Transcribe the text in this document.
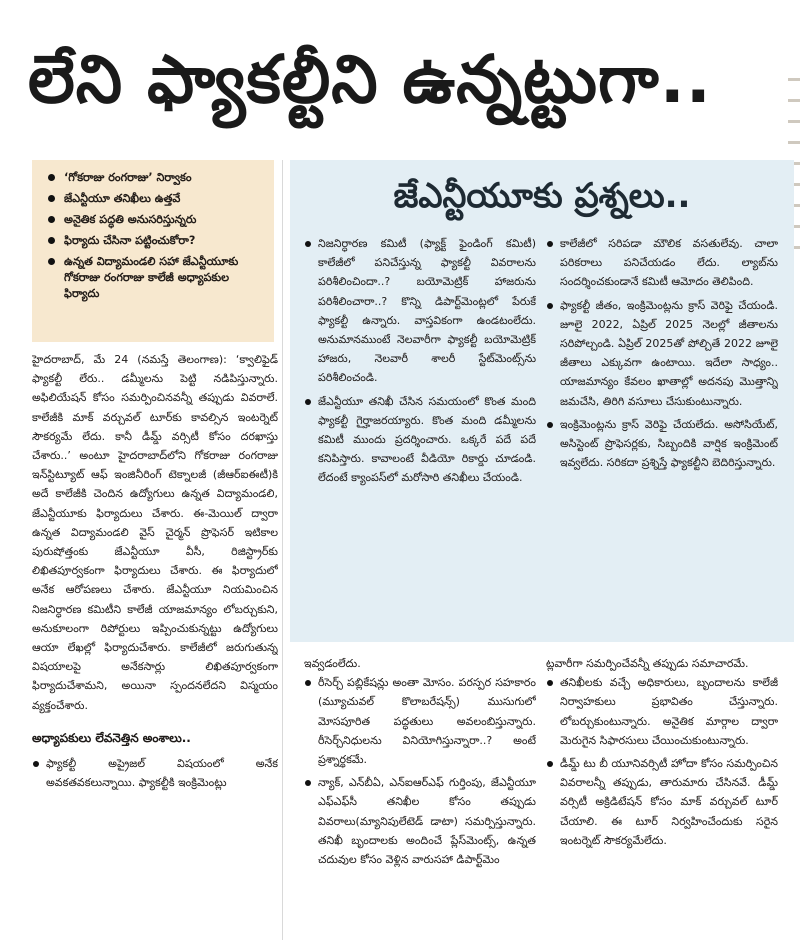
లేని ఫ్యాకల్టీని ఉన్నట్టుగా..
‘గోకరాజు రంగరాజు’ నిర్వాకం
జేఎన్టీయూ తనిఖీలు ఉత్తవే
అనైతిక పద్ధతి అనుసరిస్తున్నరు
ఫిర్యాదు చేసినా పట్టించుకోరా?
ఉన్నత విద్యామండలి సహా జేఎన్టీయూకు గోకరాజు రంగరాజు కాలేజీ అధ్యాపకుల ఫిర్యాదు

హైదరాబాద్, మే 24 (నమస్తే తెలంగాణ): ‘క్వాలిఫైడ్ ఫ్యాకల్టీ లేరు.. డమ్మీలను పెట్టి నడిపిస్తున్నారు. అఫిలియేషన్ కోసం సమర్పించినవన్నీ తప్పుడు వివరాలే. కాలేజీకి మాక్ వర్చువల్ టూర్‌కు కావల్సిన ఇంటర్నెట్ సౌకర్యమే లేదు. కానీ డీమ్డ్ వర్సిటీ కోసం దరఖాస్తు చేశారు..’ అంటూ హైదరాబాద్‌లోని గోకరాజు రంగరాజు ఇన్‌స్టిట్యూట్ ఆఫ్ ఇంజినీరింగ్ టెక్నాలజీ (జీఆర్ఐఈటీ)కి అదే కాలేజీకి చెందిన ఉద్యోగులు ఉన్నత విద్యామండలి, జేఎన్టీయూకు ఫిర్యాదులు చేశారు. ఈ-మెయిల్ ద్వారా ఉన్నత విద్యామండలి వైస్ చైర్మన్ ప్రొఫెసర్ ఇటికాల పురుషోత్తంకు జేఎన్టీయూ వీసీ, రిజిస్ట్రార్‌కు లిఖితపూర్వకంగా ఫిర్యాదులు చేశారు. ఈ ఫిర్యాదులో అనేక ఆరోపణలు చేశారు. జేఎన్టీయూ నియమించిన నిజనిర్ధారణ కమిటీని కాలేజీ యాజమాన్యం లోబర్చుకుని, అనుకూలంగా రిపోర్టులు ఇప్పించుకున్నట్టు ఉద్యోగులు ఆయా లేఖల్లో ఫిర్యాదుచేశారు. కాలేజీలో జరుగుతున్న విషయాలపై అనేకసార్లు లిఖితపూర్వకంగా ఫిర్యాదుచేశామని, అయినా స్పందనలేదని విస్మయం వ్యక్తంచేశారు.

అధ్యాపకులు లేవనెత్తిన అంశాలు..

ఫ్యాకల్టీ అప్రైజల్ విషయంలో అనేక అవకతవకలున్నాయి. ఫ్యాకల్టీకి ఇంక్రిమెంట్లు
జేఎన్టీయూకు ప్రశ్నలు..
నిజనిర్ధారణ కమిటీ (ఫ్యాక్ట్ ఫైండింగ్ కమిటీ) కాలేజీలో పనిచేస్తున్న ఫ్యాకల్టీ వివరాలను పరిశీలించిందా..? బయోమెట్రిక్ హాజరును పరిశీలించారా..? కొన్ని డిపార్ట్‌మెంట్లలో పేరుకే ఫ్యాకల్టీ ఉన్నారు. వాస్తవికంగా ఉండటంలేదు. అనుమానముంటే నెలవారీగా ఫ్యాకల్టీ బయోమెట్రిక్ హాజరు, నెలవారీ శాలరీ స్టేట్‌మెంట్స్‌ను పరిశీలించండి.
జేఎన్టీయూ తనిఖీ చేసిన సమయంలో కొంత మంది ఫ్యాకల్టీ గైర్హాజరయ్యారు. కొంత మంది డమ్మీలను కమిటీ ముందు ప్రదర్శించారు. ఒక్కరే పదే పదే కనిపిస్తారు. కావాలంటే వీడియో రికార్డు చూడండి. లేదంటే క్యాంపస్‌లో మరోసారి తనిఖీలు చేయండి.
కాలేజీలో సరిపడా మౌలిక వసతులేవు. చాలా పరికరాలు పనిచేయడం లేదు. ల్యాబ్‌ను సందర్శించకుండానే కమిటీ ఆమోదం తెలిపింది.
ఫ్యాకల్టీ జీతం, ఇంక్రిమెంట్లను క్రాస్ వెరిఫై చేయండి. జూలై 2022, ఏప్రిల్ 2025 నెలల్లో జీతాలను సరిపోల్చండి. ఏప్రిల్ 2025తో పోల్చితే 2022 జూలై జీతాలు ఎక్కువగా ఉంటాయి. ఇదేలా సాధ్యం.. యాజమాన్యం కేవలం ఖాతాల్లో అదనపు మొత్తాన్ని జమచేసి, తిరిగి వసూలు చేసుకుంటున్నారు.
ఇంక్రిమెంట్లను క్రాస్ వెరిఫై చేయలేదు. అసోసియేట్, అసిస్టెంట్ ప్రొఫెసర్లకు, సిబ్బందికి వార్షిక ఇంక్రిమెంట్ ఇవ్వలేదు. సరికదా ప్రశ్నిస్తే ఫ్యాకల్టీని బెదిరిస్తున్నారు.

ఇవ్వడంలేదు.

రీసెర్చ్ పబ్లికేషన్లు అంతా మోసం. పరస్పర సహకారం (మ్యూచువల్ కొలాబరేషన్స్) ముసుగులో మోసపూరిత పద్ధతులు అవలంబిస్తున్నారు. రీసెర్చ్‌నిధులను వినియోగిస్తున్నారా..? అంటే ప్రశ్నార్థకమే.
న్యాక్, ఎన్‌బీఏ, ఎన్ఐఆర్ఎఫ్ గుర్తింపు, జేఎన్టీయూ ఎఫ్ఎఫ్‌సీ తనిఖీల కోసం తప్పుడు వివరాలు(మ్యానిపులేటెడ్ డాటా) సమర్పిస్తున్నారు. తనిఖీ బృందాలకు అందించే ప్లేస్‌మెంట్స్, ఉన్నత చదువుల కోసం వెళ్లిన వారుసహా డిపార్ట్‌మెం

ట్లవారీగా సమర్పించేవన్నీ తప్పుడు సమాచారమే.

తనిఖీలకు వచ్చే అధికారులు, బృందాలను కాలేజీ నిర్వాహకులు ప్రభావితం చేస్తున్నారు. లోబర్చుకుంటున్నారు. అనైతిక మార్గాల ద్వారా మెరుగైన సిఫారసులు చేయించుకుంటున్నారు.
డీమ్డ్ టు బీ యూనివర్సిటీ హోదా కోసం సమర్పించిన వివరాలన్నీ తప్పుడు, తారుమారు చేసినవే. డీమ్డ్ వర్సిటీ అక్రిడిటేషన్ కోసం మాక్ వర్చువల్ టూర్ చేయాలి. ఈ టూర్ నిర్వహించేందుకు సరైన ఇంటర్నెట్ సౌకర్యమేలేదు.
